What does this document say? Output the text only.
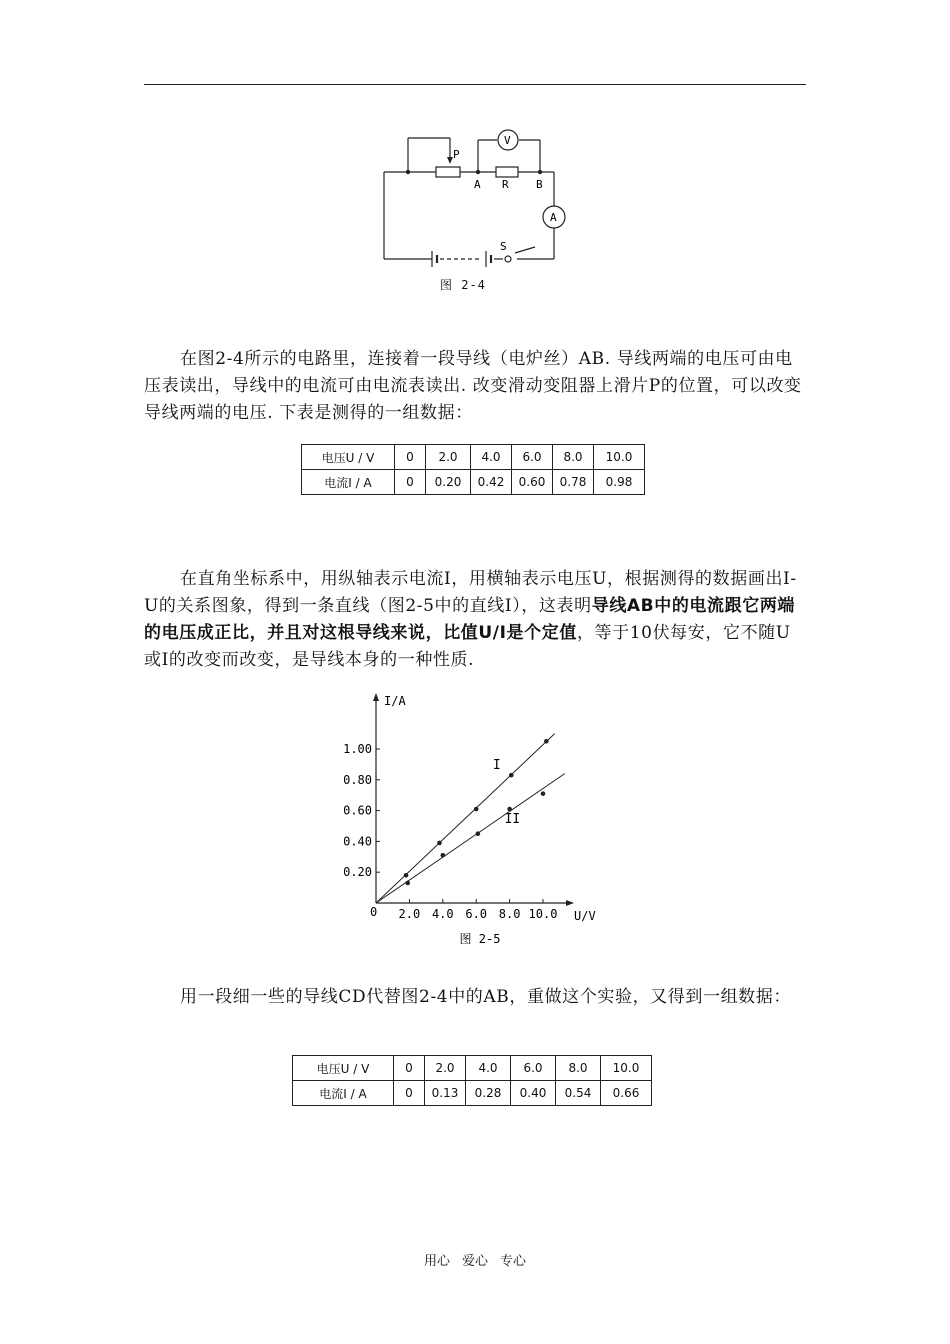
P
A R B
V
A
S
图 2-4
在图2-4所示的电路里，连接着一段导线（电炉丝）AB. 导线两端的电压可由电压表读出，导线中的电流可由电流表读出. 改变滑动变阻器上滑片P的位置，可以改变导线两端的电压. 下表是测得的一组数据：
电压U / V	0	2.0	4.0	6.0	8.0	10.0
电流I / A	0	0.20	0.42	0.60	0.78	0.98
在直角坐标系中，用纵轴表示电流I，用横轴表示电压U，根据测得的数据画出I-U的关系图象，得到一条直线（图2-5中的直线I），这表明导线AB中的电流跟它两端的电压成正比，并且对这根导线来说，比值U/I是个定值，等于10伏每安，它不随U或I的改变而改变，是导线本身的一种性质.
I/A
U/V
0 2.0 4.0 6.0 8.0 10.0
0.20
0.40
0.60
0.80
1.00
I
II
图 2-5
用一段细一些的导线CD代替图2-4中的AB，重做这个实验，又得到一组数据：
电压U / V	0	2.0	4.0	6.0	8.0	10.0
电流I / A	0	0.13	0.28	0.40	0.54	0.66
用心 爱心 专心
